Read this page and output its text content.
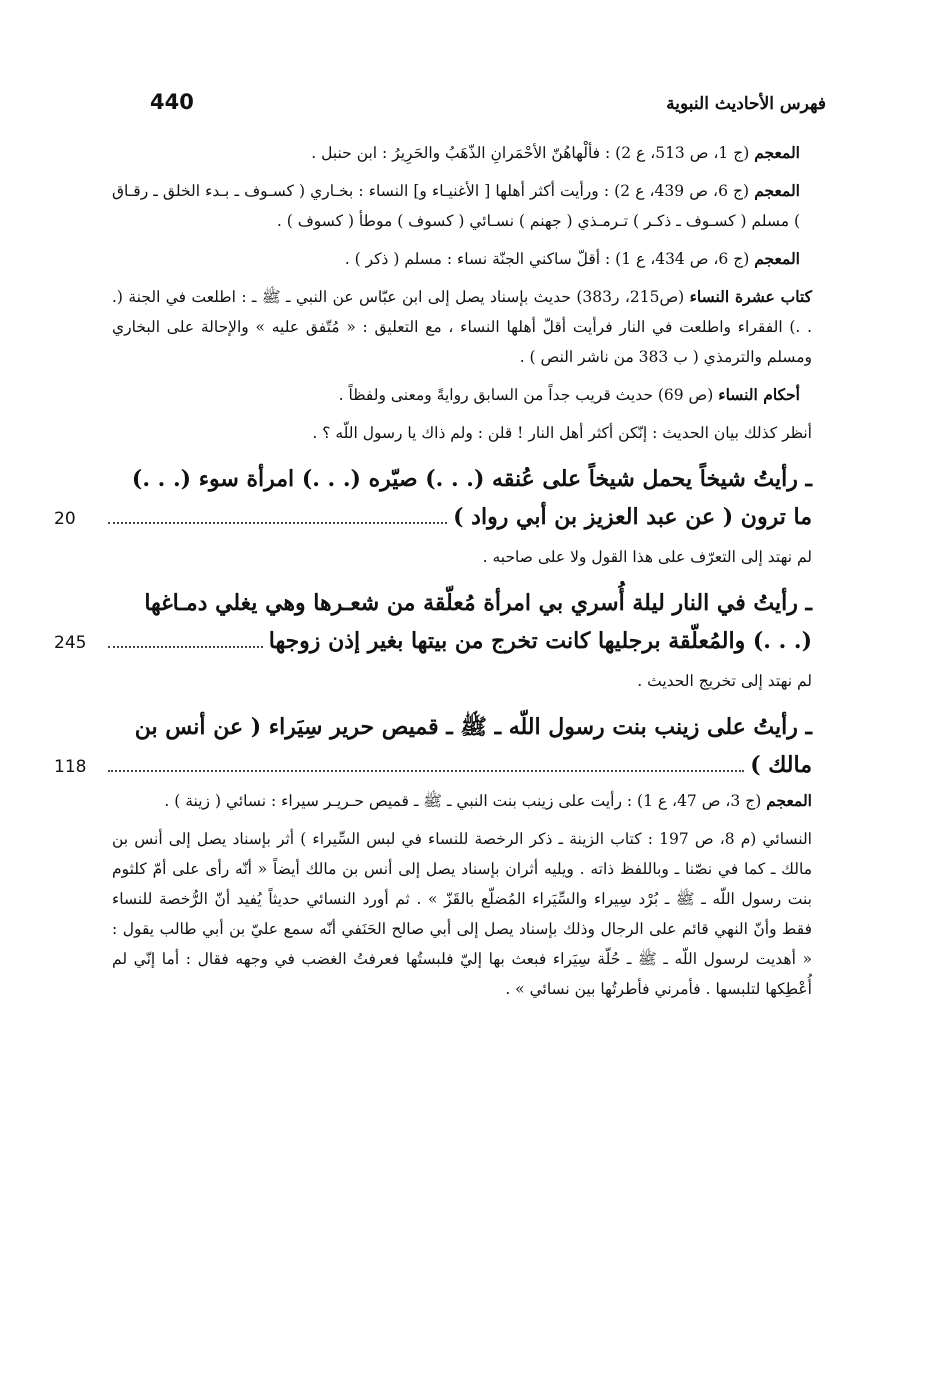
440	فهرس الأحاديث النبوية

المعجم (ج 1، ص 513، ع 2) : فألْهاهُنّ الأحْمَرانِ الذّهَبُ والحَرِيرُ : ابن حنبل .

المعجم (ج 6، ص 439، ع 2) : ورأيت أكثر أهلها [ الأغنيـاء و] النساء : بخـاري ( كسـوف ـ بـدء الخلق ـ رقـاق ) مسلم ( كسـوف ـ ذكـر ) تـرمـذي ( جهنم ) نسـائي ( كسوف ) موطأ ( كسوف ) .

المعجم (ج 6، ص 434، ع 1) : أقلّ ساكني الجنّة نساء : مسلم ( ذكر ) .

كتاب عشرة النساء (ص215، ر383) حديث بإسناد يصل إلى ابن عبّاس عن النبي ـ ﷺ ـ : اطلعت في الجنة (. . .) الفقراء واطلعت في النار فرأيت أقلّ أهلها النساء ، مع التعليق : « مُتّفق عليه » والإحالة على البخاري ومسلم والترمذي ( ب 383 من ناشر النص ) .

أحكام النساء (ص 69) حديث قريب جداً من السابق روايةً ومعنى ولفظاً .

أنظر كذلك بيان الحديث : إنّكن أكثر أهل النار ! قلن : ولم ذاك يا رسول اللّه ؟ .

ـ رأيتُ شيخاً يحمل شيخاً على عُنقه (. . .) صيّره (. . .) امرأة سوء (. . .)

ما ترون ( عن عبد العزيز بن أبي رواد )
20

لم نهتد إلى التعرّف على هذا القول ولا على صاحبه .

ـ رأيتُ في النار ليلة أُسري بي امرأة مُعلّقة من شعـرها وهي يغلي دمـاغها

(. . .) والمُعلّقة برجليها كانت تخرج من بيتها بغير إذن زوجها
245

لم نهتد إلى تخريج الحديث .

ـ رأيتُ على زينب بنت رسول اللّه ـ ﷺ ـ قميص حرير سِيَراء ( عن أنس بن

مالك )
118

المعجم (ج 3، ص 47، ع 1) : رأيت على زينب بنت النبي ـ ﷺ ـ قميص حـريـر سيراء : نسائي ( زينة ) .

النسائي (م 8، ص 197 : كتاب الزينة ـ ذكر الرخصة للنساء في لبس السِّيراء ) أثر بإسناد يصل إلى أنس بن مالك ـ كما في نصّنا ـ وباللفظ ذاته . ويليه أثران بإسناد يصل إلى أنس بن مالك أيضاً « أنّه رأى على أمّ كلثوم بنت رسول اللّه ـ ﷺ ـ بُرْد سِيراء والسِّيَراء المُضلّع بالقَزّ » . ثم أورد النسائي حديثاً يُفيد أنّ الرُّخصة للنساء فقط وأنّ النهي قائم على الرجال وذلك بإسناد يصل إلى أبي صالح الحَنَفي أنّه سمع عليّ بن أبي طالب يقول : « أهديت لرسول اللّه ـ ﷺ ـ حُلّة سِيَراء فبعث بها إليّ فلبستُها فعرفتُ الغضب في وجهه فقال : أما إنّي لم أُعْطِكها لتلبسها . فأمرني فأطرتُها بين نسائي » .
